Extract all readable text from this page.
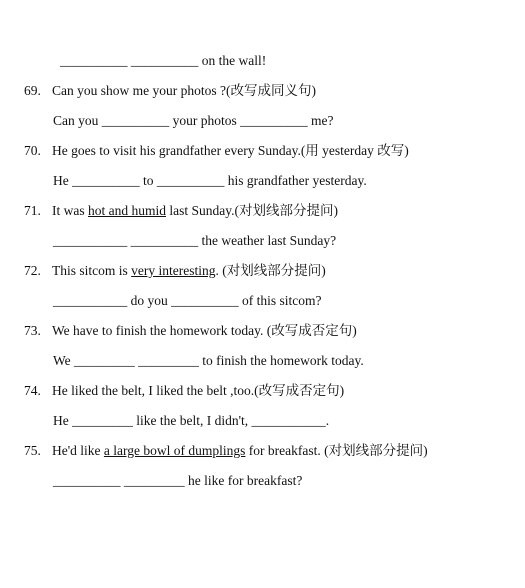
__________ __________ on the wall!
69. Can you show me your photos ?(改写成同义句)
Can you __________ your photos __________ me?
70. He goes to visit his grandfather every Sunday.(用 yesterday 改写)
He __________ to __________ his grandfather yesterday.
71. It was hot and humid last Sunday.(对划线部分提问)
___________ __________ the weather last Sunday?
72. This sitcom is very interesting. (对划线部分提问)
___________ do you __________ of this sitcom?
73. We have to finish the homework today. (改写成否定句)
We _________ _________ to finish the homework today.
74. He liked the belt, I liked the belt ,too.(改写成否定句)
He _________ like the belt, I didn't, ___________.
75. He'd like a large bowl of dumplings for breakfast. (对划线部分提问)
__________ _________ he like for breakfast?
